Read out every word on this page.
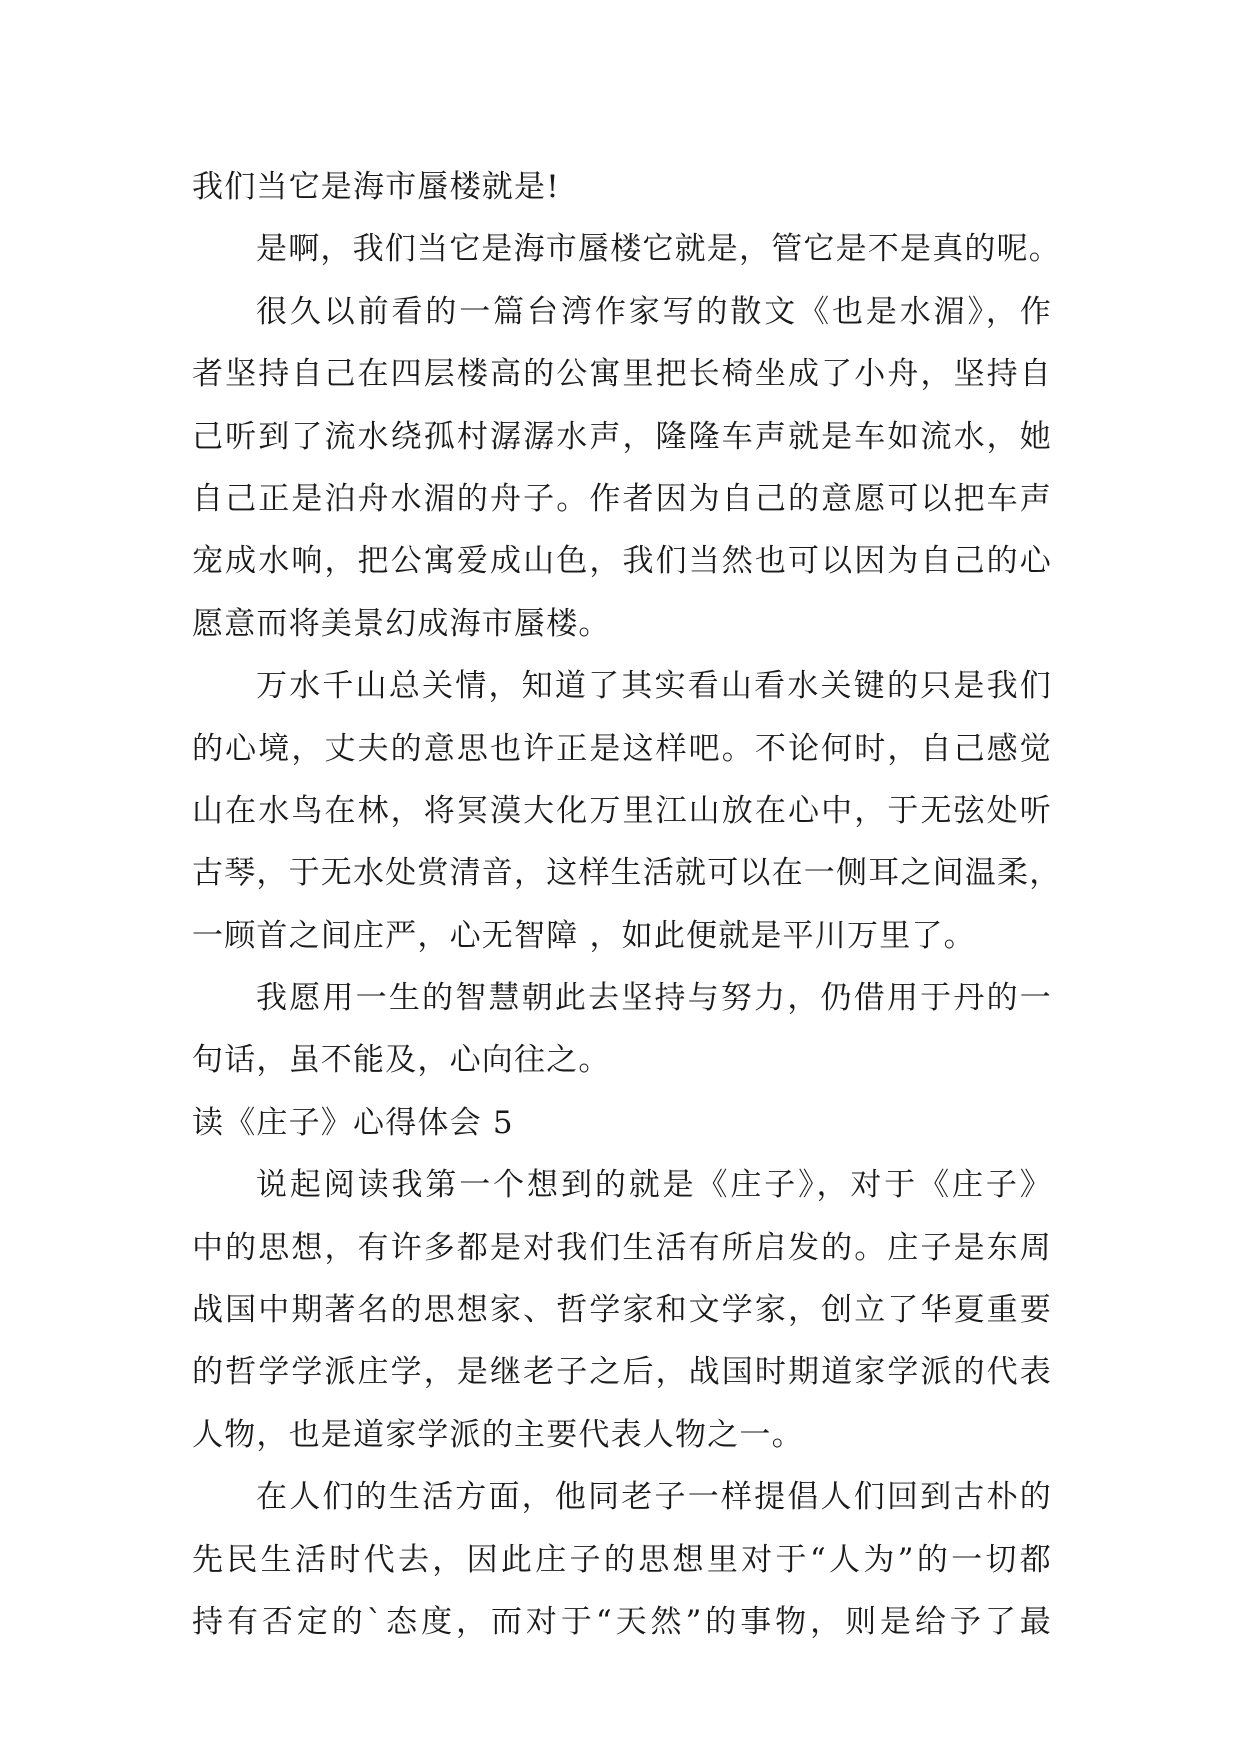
我们当它是海市蜃楼就是!
是啊，我们当它是海市蜃楼它就是，管它是不是真的呢。
很久以前看的一篇台湾作家写的散文《也是水湄》，作
者坚持自己在四层楼高的公寓里把长椅坐成了小舟，坚持自
己听到了流水绕孤村潺潺水声，隆隆车声就是车如流水，她
自己正是泊舟水湄的舟子。作者因为自己的意愿可以把车声
宠成水响，把公寓爱成山色，我们当然也可以因为自己的心
愿意而将美景幻成海市蜃楼。
万水千山总关情，知道了其实看山看水关键的只是我们
的心境，丈夫的意思也许正是这样吧。不论何时，自己感觉
山在水鸟在林，将冥漠大化万里江山放在心中，于无弦处听
古琴，于无水处赏清音，这样生活就可以在一侧耳之间温柔，
一顾首之间庄严，心无智障 ，如此便就是平川万里了。
我愿用一生的智慧朝此去坚持与努力，仍借用于丹的一
句话，虽不能及，心向往之。
读《庄子》心得体会 5
说起阅读我第一个想到的就是《庄子》，对于《庄子》
中的思想，有许多都是对我们生活有所启发的。庄子是东周
战国中期著名的思想家、哲学家和文学家，创立了华夏重要
的哲学学派庄学，是继老子之后，战国时期道家学派的代表
人物，也是道家学派的主要代表人物之一。
在人们的生活方面，他同老子一样提倡人们回到古朴的
先民生活时代去，因此庄子的思想里对于“人为”的一切都
持有否定的`态度，而对于“天然”的事物，则是给予了最
